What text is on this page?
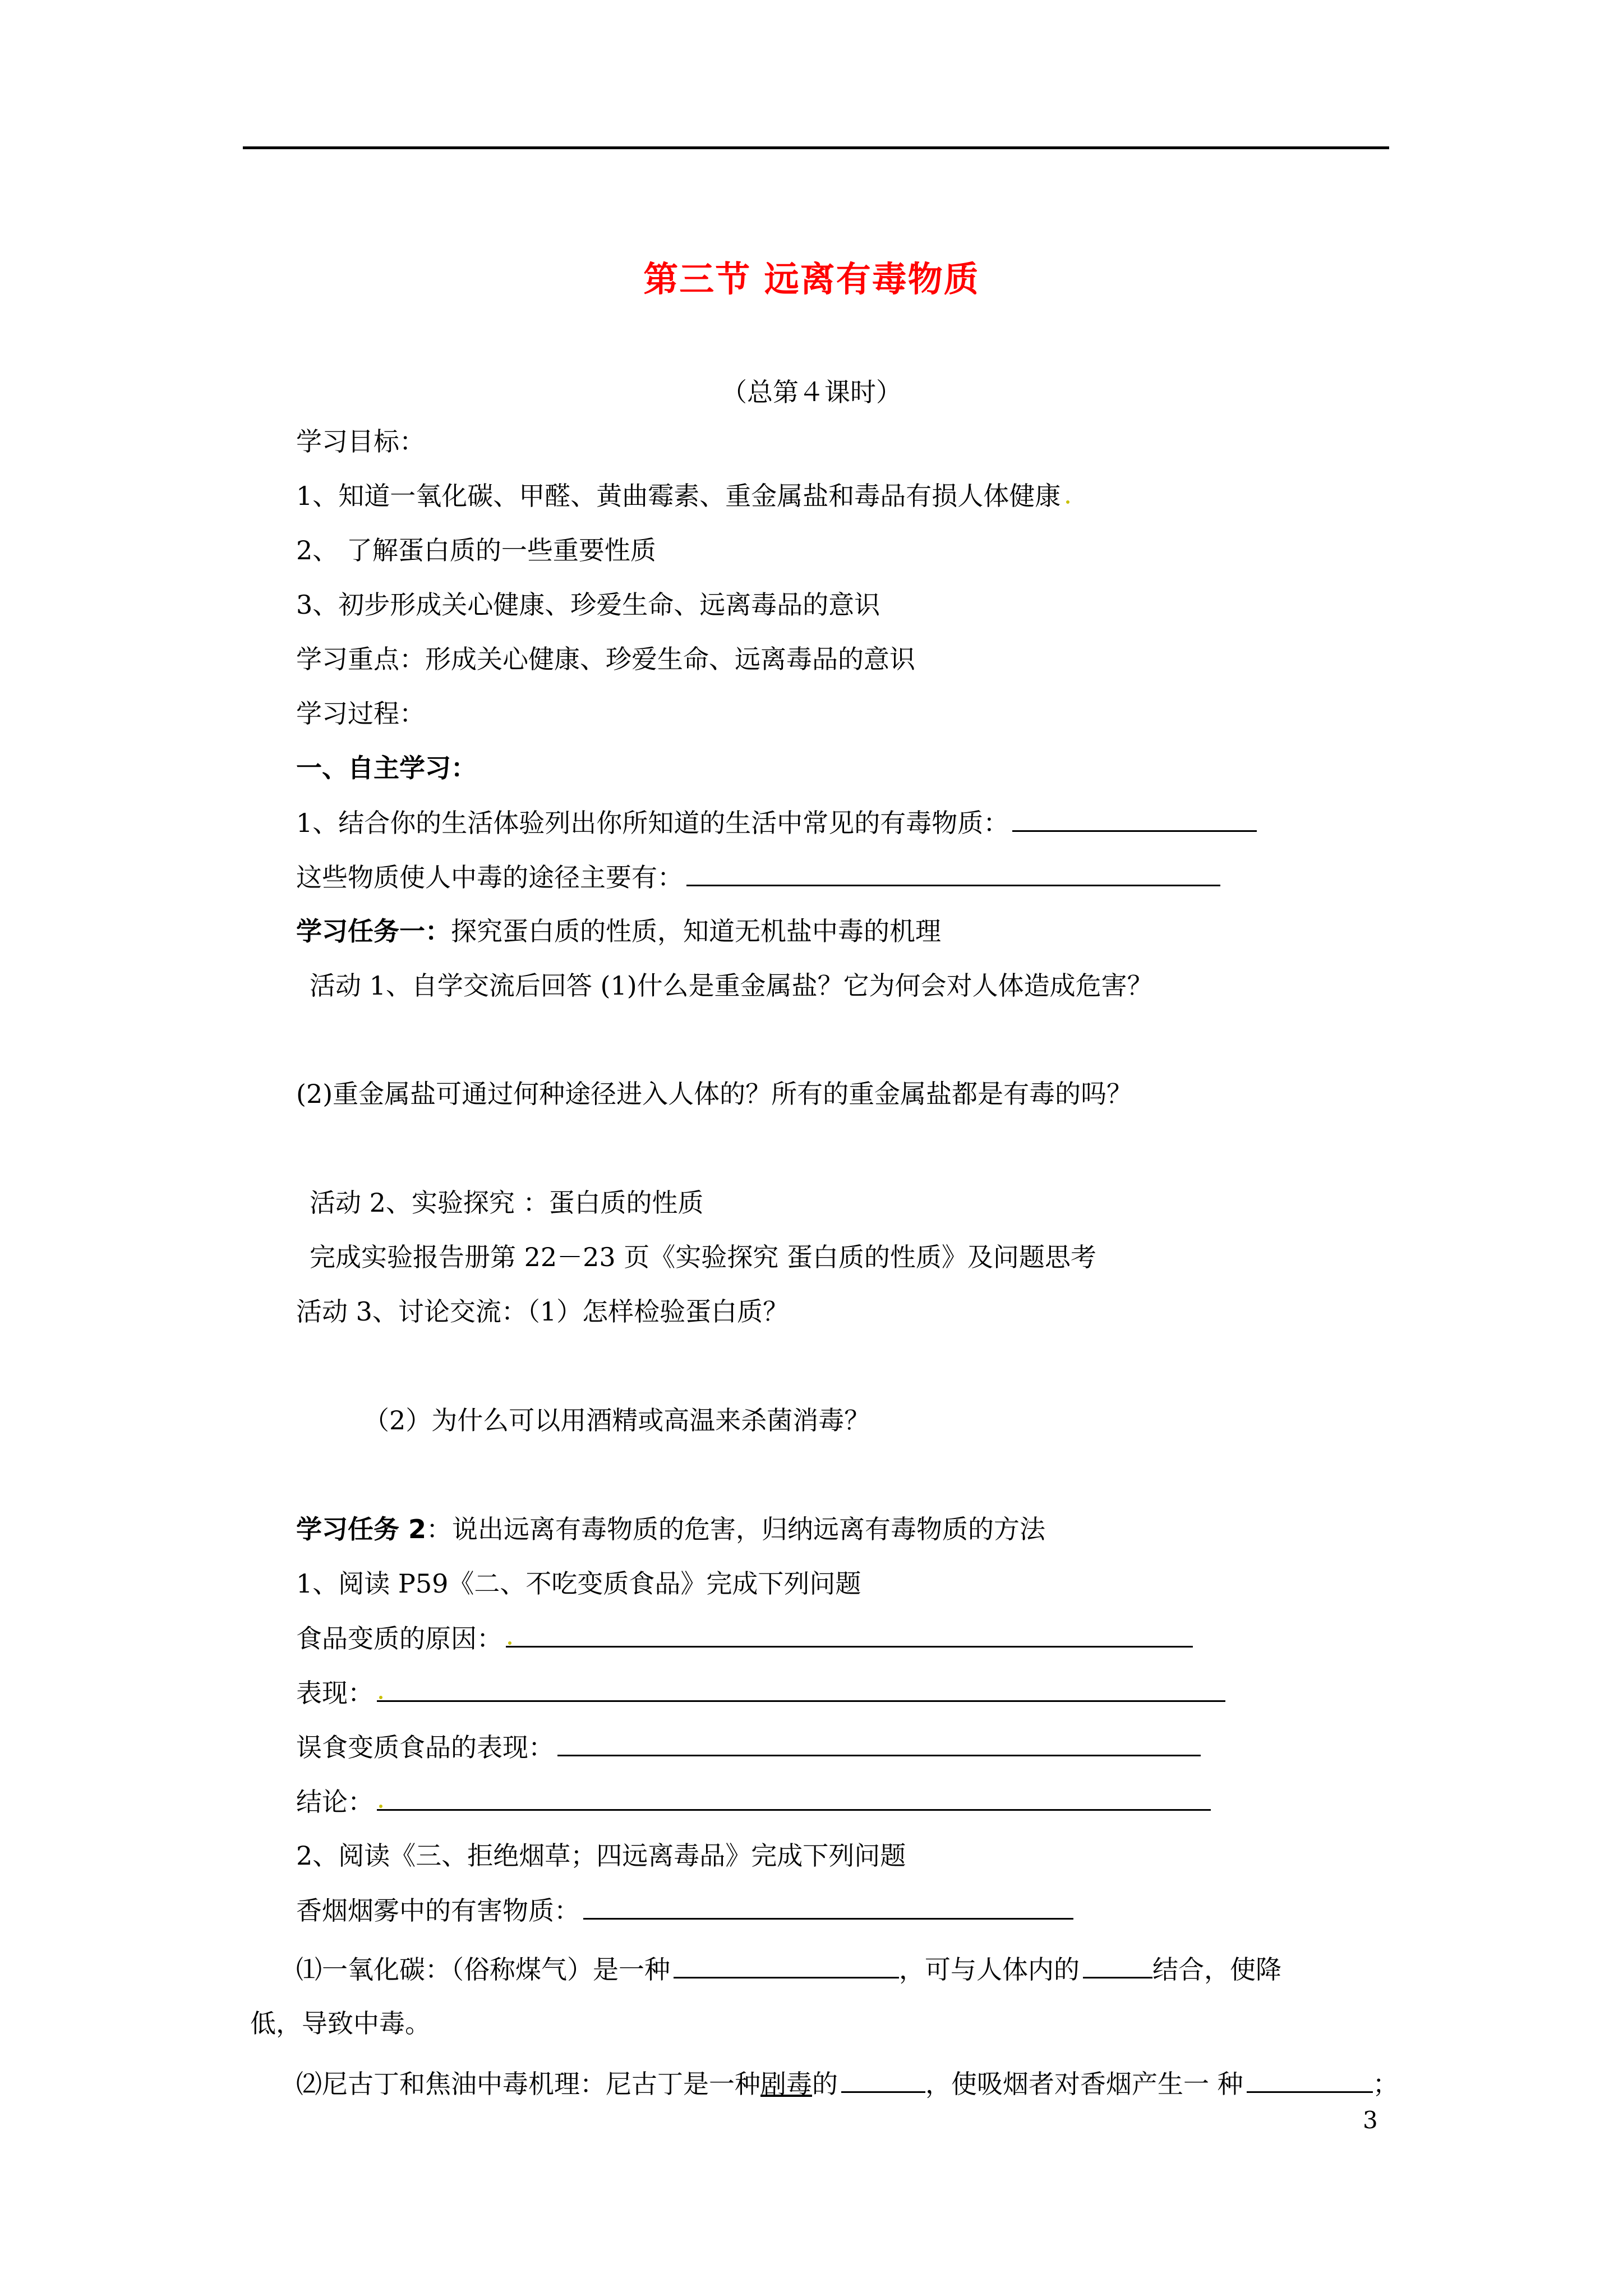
第三节 远离有毒物质
（总第４课时）
学习目标：
1、知道一氧化碳、甲醛、黄曲霉素、重金属盐和毒品有损人体健康
2、 了解蛋白质的一些重要性质
3、初步形成关心健康、珍爱生命、远离毒品的意识
学习重点：形成关心健康、珍爱生命、远离毒品的意识
学习过程：
一、自主学习：
1、结合你的生活体验列出你所知道的生活中常见的有毒物质：
这些物质使人中毒的途径主要有：
学习任务一：探究蛋白质的性质，知道无机盐中毒的机理
活动 1、自学交流后回答 (1)什么是重金属盐？它为何会对人体造成危害？
(2)重金属盐可通过何种途径进入人体的？所有的重金属盐都是有毒的吗？
活动 2、实验探究 ：蛋白质的性质
完成实验报告册第 22－23 页《实验探究 蛋白质的性质》及问题思考
活动 3、讨论交流：（1）怎样检验蛋白质？
（2）为什么可以用酒精或高温来杀菌消毒？
学习任务 2：说出远离有毒物质的危害，归纳远离有毒物质的方法
1、阅读 P59《二、不吃变质食品》完成下列问题
食品变质的原因：
表现：
误食变质食品的表现：
结论：
2、阅读《三、拒绝烟草；四远离毒品》完成下列问题
香烟烟雾中的有害物质：
⑴一氧化碳：（俗称煤气）是一种	，可与人体内的	结合，使降
低，导致中毒。
⑵尼古丁和焦油中毒机理：尼古丁是一种剧毒的	，使吸烟者对香烟产生一 种	；
3
